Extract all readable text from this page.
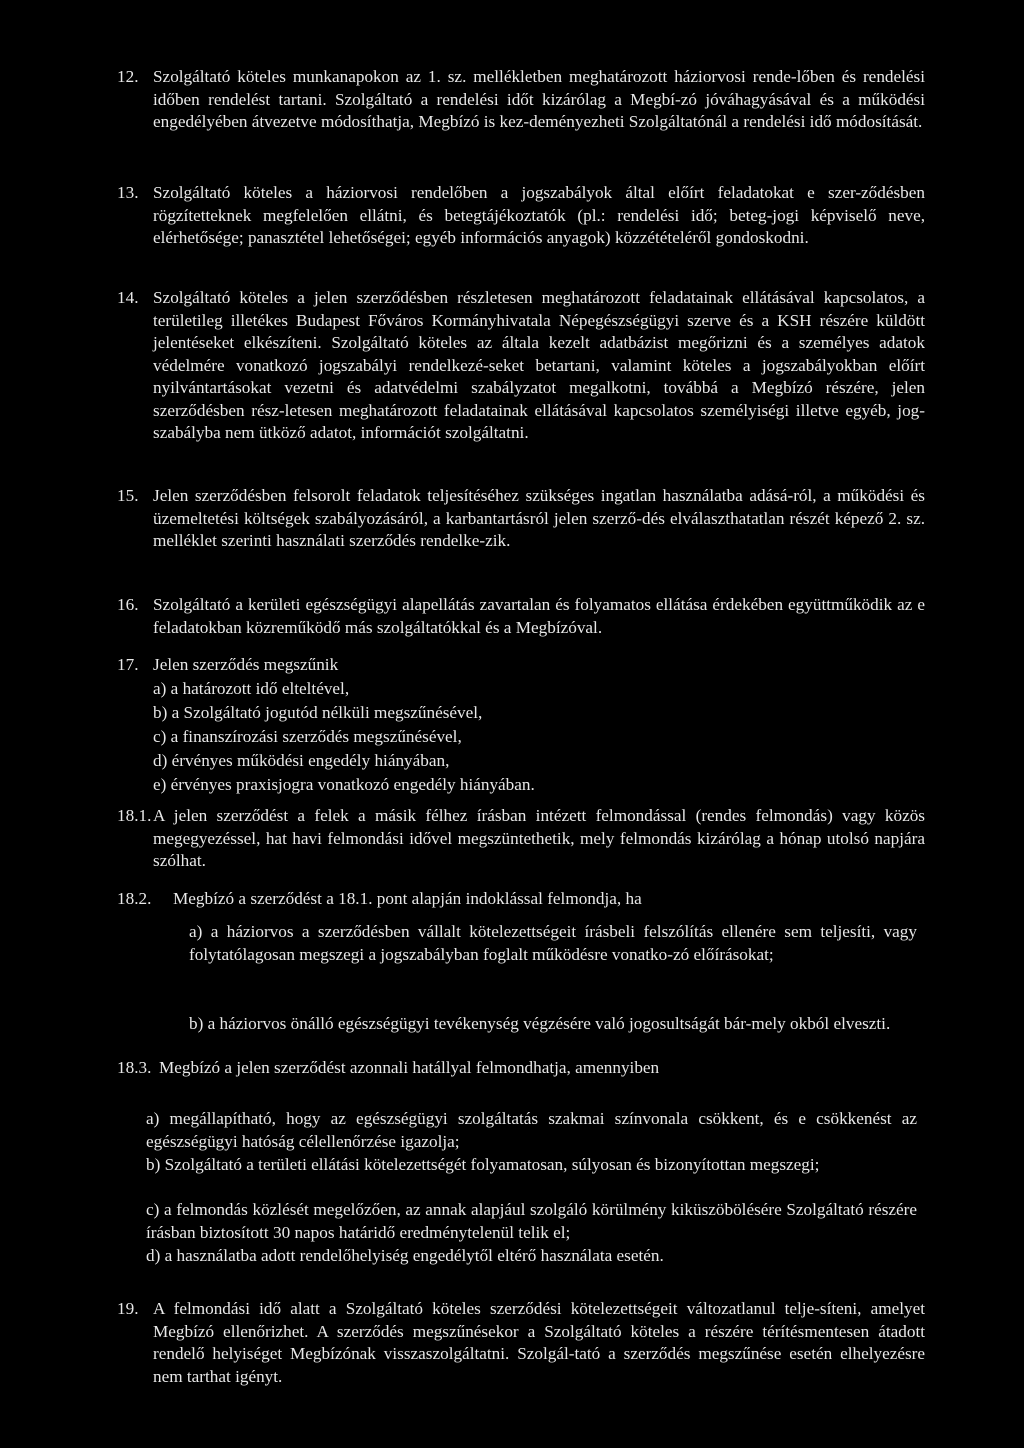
12. Szolgáltató köteles munkanapokon az 1. sz. mellékletben meghatározott háziorvosi rende-lőben és rendelési időben rendelést tartani. Szolgáltató a rendelési időt kizárólag a Megbí-zó jóváhagyásával és a működési engedélyében átvezetve módosíthatja, Megbízó is kez-deményezheti Szolgáltatónál a rendelési idő módosítását.
13. Szolgáltató köteles a háziorvosi rendelőben a jogszabályok által előírt feladatokat e szer-ződésben rögzítetteknek megfelelően ellátni, és betegtájékoztatók (pl.: rendelési idő; beteg-jogi képviselő neve, elérhetősége; panasztétel lehetőségei; egyéb információs anyagok) közzétételéről gondoskodni.
14. Szolgáltató köteles a jelen szerződésben részletesen meghatározott feladatainak ellátásával kapcsolatos, a területileg illetékes Budapest Főváros Kormányhivatala Népegészségügyi szerve és a KSH részére küldött jelentéseket elkészíteni. Szolgáltató köteles az általa kezelt adatbázist megőrizni és a személyes adatok védelmére vonatkozó jogszabályi rendelkezé-seket betartani, valamint köteles a jogszabályokban előírt nyilvántartásokat vezetni és adatvédelmi szabályzatot megalkotni, továbbá a Megbízó részére, jelen szerződésben rész-letesen meghatározott feladatainak ellátásával kapcsolatos személyiségi illetve egyéb, jog-szabályba nem ütköző adatot, információt szolgáltatni.
15. Jelen szerződésben felsorolt feladatok teljesítéséhez szükséges ingatlan használatba adásá-ról, a működési és üzemeltetési költségek szabályozásáról, a karbantartásról jelen szerző-dés elválaszthatatlan részét képező 2. sz. melléklet szerinti használati szerződés rendelke-zik.
16. Szolgáltató a kerületi egészségügyi alapellátás zavartalan és folyamatos ellátása érdekében együttműködik az e feladatokban közreműködő más szolgáltatókkal és a Megbízóval.
17. Jelen szerződés megszűnik
a) a határozott idő elteltével,
b) a Szolgáltató jogutód nélküli megszűnésével,
c) a finanszírozási szerződés megszűnésével,
d) érvényes működési engedély hiányában,
e) érvényes praxisjogra vonatkozó engedély hiányában.
18.1. A jelen szerződést a felek a másik félhez írásban intézett felmondással (rendes felmondás) vagy közös megegyezéssel, hat havi felmondási idővel megszüntethetik, mely felmondás kizárólag a hónap utolsó napjára szólhat.
18.2. Megbízó a szerződést a 18.1. pont alapján indoklással felmondja, ha
a) a háziorvos a szerződésben vállalt kötelezettségeit írásbeli felszólítás ellenére sem teljesíti, vagy folytatólagosan megszegi a jogszabályban foglalt működésre vonatko-zó előírásokat;
b) a háziorvos önálló egészségügyi tevékenység végzésére való jogosultságát bár-mely okból elveszti.
18.3. Megbízó a jelen szerződést azonnali hatállyal felmondhatja, amennyiben
a) megállapítható, hogy az egészségügyi szolgáltatás szakmai színvonala csökkent, és e csökkenést az egészségügyi hatóság célellenőrzése igazolja;
b) Szolgáltató a területi ellátási kötelezettségét folyamatosan, súlyosan és bizonyítottan megszegi;
c) a felmondás közlését megelőzően, az annak alapjául szolgáló körülmény kiküszöbölésére Szolgáltató részére írásban biztosított 30 napos határidő eredménytelenül telik el;
d) a használatba adott rendelőhelyiség engedélytől eltérő használata esetén.
19. A felmondási idő alatt a Szolgáltató köteles szerződési kötelezettségeit változatlanul telje-síteni, amelyet Megbízó ellenőrizhet. A szerződés megszűnésekor a Szolgáltató köteles a részére térítésmentesen átadott rendelő helyiséget Megbízónak visszaszolgáltatni. Szolgál-tató a szerződés megszűnése esetén elhelyezésre nem tarthat igényt.
